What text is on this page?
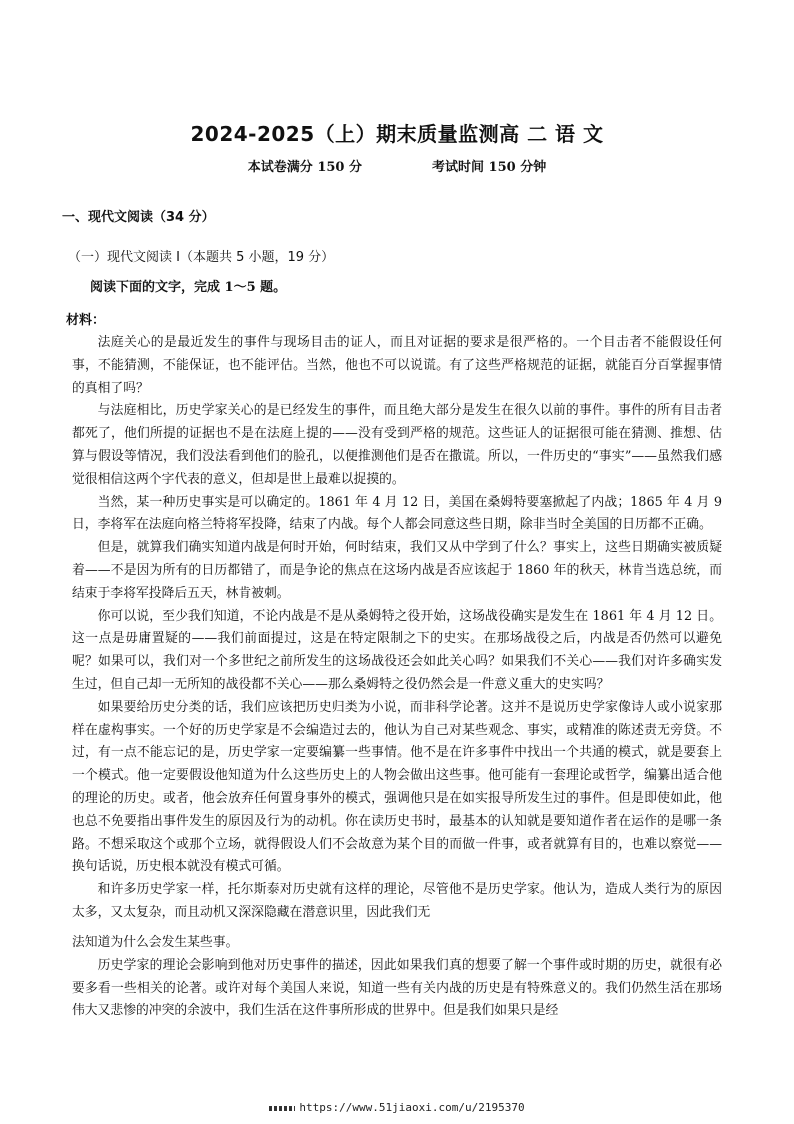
2024-2025（上）期末质量监测高 二 语 文
本试卷满分 150 分	考试时间 150 分钟
一、现代文阅读（34 分）
（一）现代文阅读 I（本题共 5 小题，19 分）
阅读下面的文字，完成 1～5 题。
材料：

法庭关心的是最近发生的事件与现场目击的证人，而且对证据的要求是很严格的。一个目击者不能假设任何事，不能猜测，不能保证，也不能评估。当然，他也不可以说谎。有了这些严格规范的证据，就能百分百掌握事情的真相了吗？

与法庭相比，历史学家关心的是已经发生的事件，而且绝大部分是发生在很久以前的事件。事件的所有目击者都死了，他们所提的证据也不是在法庭上提的——没有受到严格的规范。这些证人的证据很可能在猜测、推想、估算与假设等情况，我们没法看到他们的脸孔，以便推测他们是否在撒谎。所以，一件历史的“事实”——虽然我们感觉很相信这两个字代表的意义，但却是世上最难以捉摸的。

当然，某一种历史事实是可以确定的。1861 年 4 月 12 日，美国在桑姆特要塞掀起了内战；1865 年 4 月 9 日，李将军在法庭向格兰特将军投降，结束了内战。每个人都会同意这些日期，除非当时全美国的日历都不正确。

但是，就算我们确实知道内战是何时开始，何时结束，我们又从中学到了什么？事实上，这些日期确实被质疑着——不是因为所有的日历都错了，而是争论的焦点在这场内战是否应该起于 1860 年的秋天，林肯当选总统，而结束于李将军投降后五天，林肯被刺。

你可以说，至少我们知道，不论内战是不是从桑姆特之役开始，这场战役确实是发生在 1861 年 4 月 12 日。这一点是毋庸置疑的——我们前面提过，这是在特定限制之下的史实。在那场战役之后，内战是否仍然可以避免呢？如果可以，我们对一个多世纪之前所发生的这场战役还会如此关心吗？如果我们不关心——我们对许多确实发生过，但自己却一无所知的战役都不关心——那么桑姆特之役仍然会是一件意义重大的史实吗？

如果要给历史分类的话，我们应该把历史归类为小说，而非科学论著。这并不是说历史学家像诗人或小说家那样在虚构事实。一个好的历史学家是不会编造过去的，他认为自己对某些观念、事实，或精准的陈述责无旁贷。不过，有一点不能忘记的是，历史学家一定要编纂一些事情。他不是在许多事件中找出一个共通的模式，就是要套上一个模式。他一定要假设他知道为什么这些历史上的人物会做出这些事。他可能有一套理论或哲学，编纂出适合他的理论的历史。或者，他会放弃任何置身事外的模式，强调他只是在如实报导所发生过的事件。但是即使如此，他也总不免要指出事件发生的原因及行为的动机。你在读历史书时，最基本的认知就是要知道作者在运作的是哪一条路。不想采取这个或那个立场，就得假设人们不会故意为某个目的而做一件事，或者就算有目的，也难以察觉——换句话说，历史根本就没有模式可循。

和许多历史学家一样，托尔斯泰对历史就有这样的理论，尽管他不是历史学家。他认为，造成人类行为的原因太多，又太复杂，而且动机又深深隐藏在潜意识里，因此我们无

法知道为什么会发生某些事。

历史学家的理论会影响到他对历史事件的描述，因此如果我们真的想要了解一个事件或时期的历史，就很有必要多看一些相关的论著。或许对每个美国人来说，知道一些有关内战的历史是有特殊意义的。我们仍然生活在那场伟大又悲惨的冲突的余波中，我们生活在这件事所形成的世界中。但是我们如果只是经

https://www.51jiaoxi.com/u/2195370
